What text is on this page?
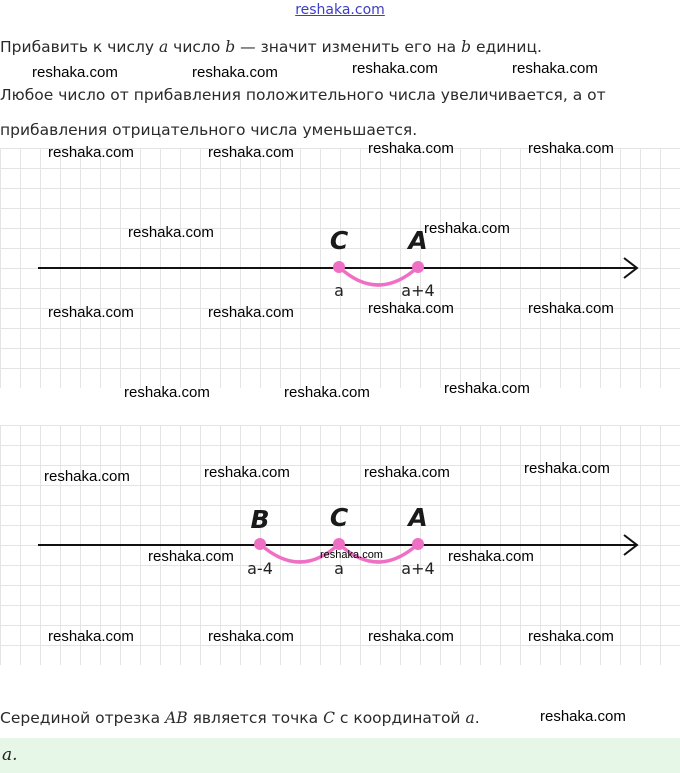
reshaka.com
Прибавить к числу a число b — значит изменить его на b единиц.
Любое число от прибавления положительного числа увеличивается, а от
прибавления отрицательного числа уменьшается.
C A
a	a+4
B C A
a-4	a	a+4
Серединой отрезка AB является точка C с координатой a.
a.
reshaka.com	reshaka.com	reshaka.com	reshaka.com
reshaka.com	reshaka.com	reshaka.com	reshaka.com
reshaka.com	reshaka.com
reshaka.com	reshaka.com	reshaka.com	reshaka.com
reshaka.com	reshaka.com	reshaka.com
reshaka.com	reshaka.com	reshaka.com	reshaka.com
reshaka.com	reshaka.com	reshaka.com
reshaka.com	reshaka.com	reshaka.com	reshaka.com
reshaka.com
